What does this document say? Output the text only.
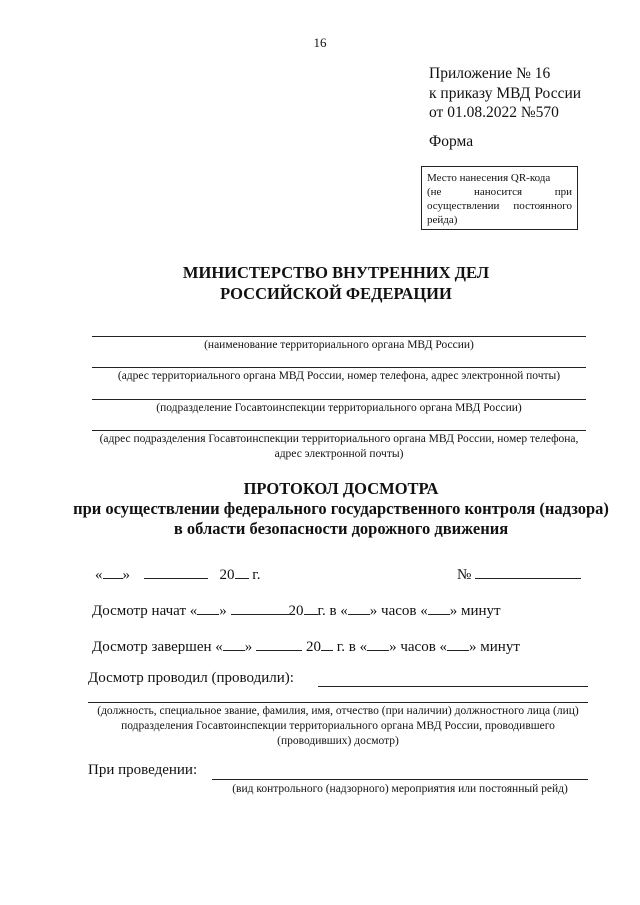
16
Приложение № 16
к приказу МВД России
от 01.08.2022 №570
Форма
Место нанесения QR-кода
(не	наносится	при
осуществлении постоянного
рейда)
МИНИСТЕРСТВО ВНУТРЕННИХ ДЕЛ
РОССИЙСКОЙ ФЕДЕРАЦИИ
(наименование территориального органа МВД России)
(адрес территориального органа МВД России, номер телефона, адрес электронной почты)
(подразделение Госавтоинспекции территориального органа МВД России)
(адрес подразделения Госавтоинспекции территориального органа МВД России, номер телефона,
адрес электронной почты)
ПРОТОКОЛ ДОСМОТРА
при осуществлении федерального государственного контроля (надзора)
в области безопасности дорожного движения
« »	20 г.	№
Досмотр начат « »	20 г. в « » часов « » минут
Досмотр завершен « »	20 г. в « » часов « » минут
Досмотр проводил (проводили):
(должность, специальное звание, фамилия, имя, отчество (при наличии) должностного лица (лиц)
подразделения Госавтоинспекции территориального органа МВД России, проводившего
(проводивших) досмотр)
При проведении:
(вид контрольного (надзорного) мероприятия или постоянный рейд)
